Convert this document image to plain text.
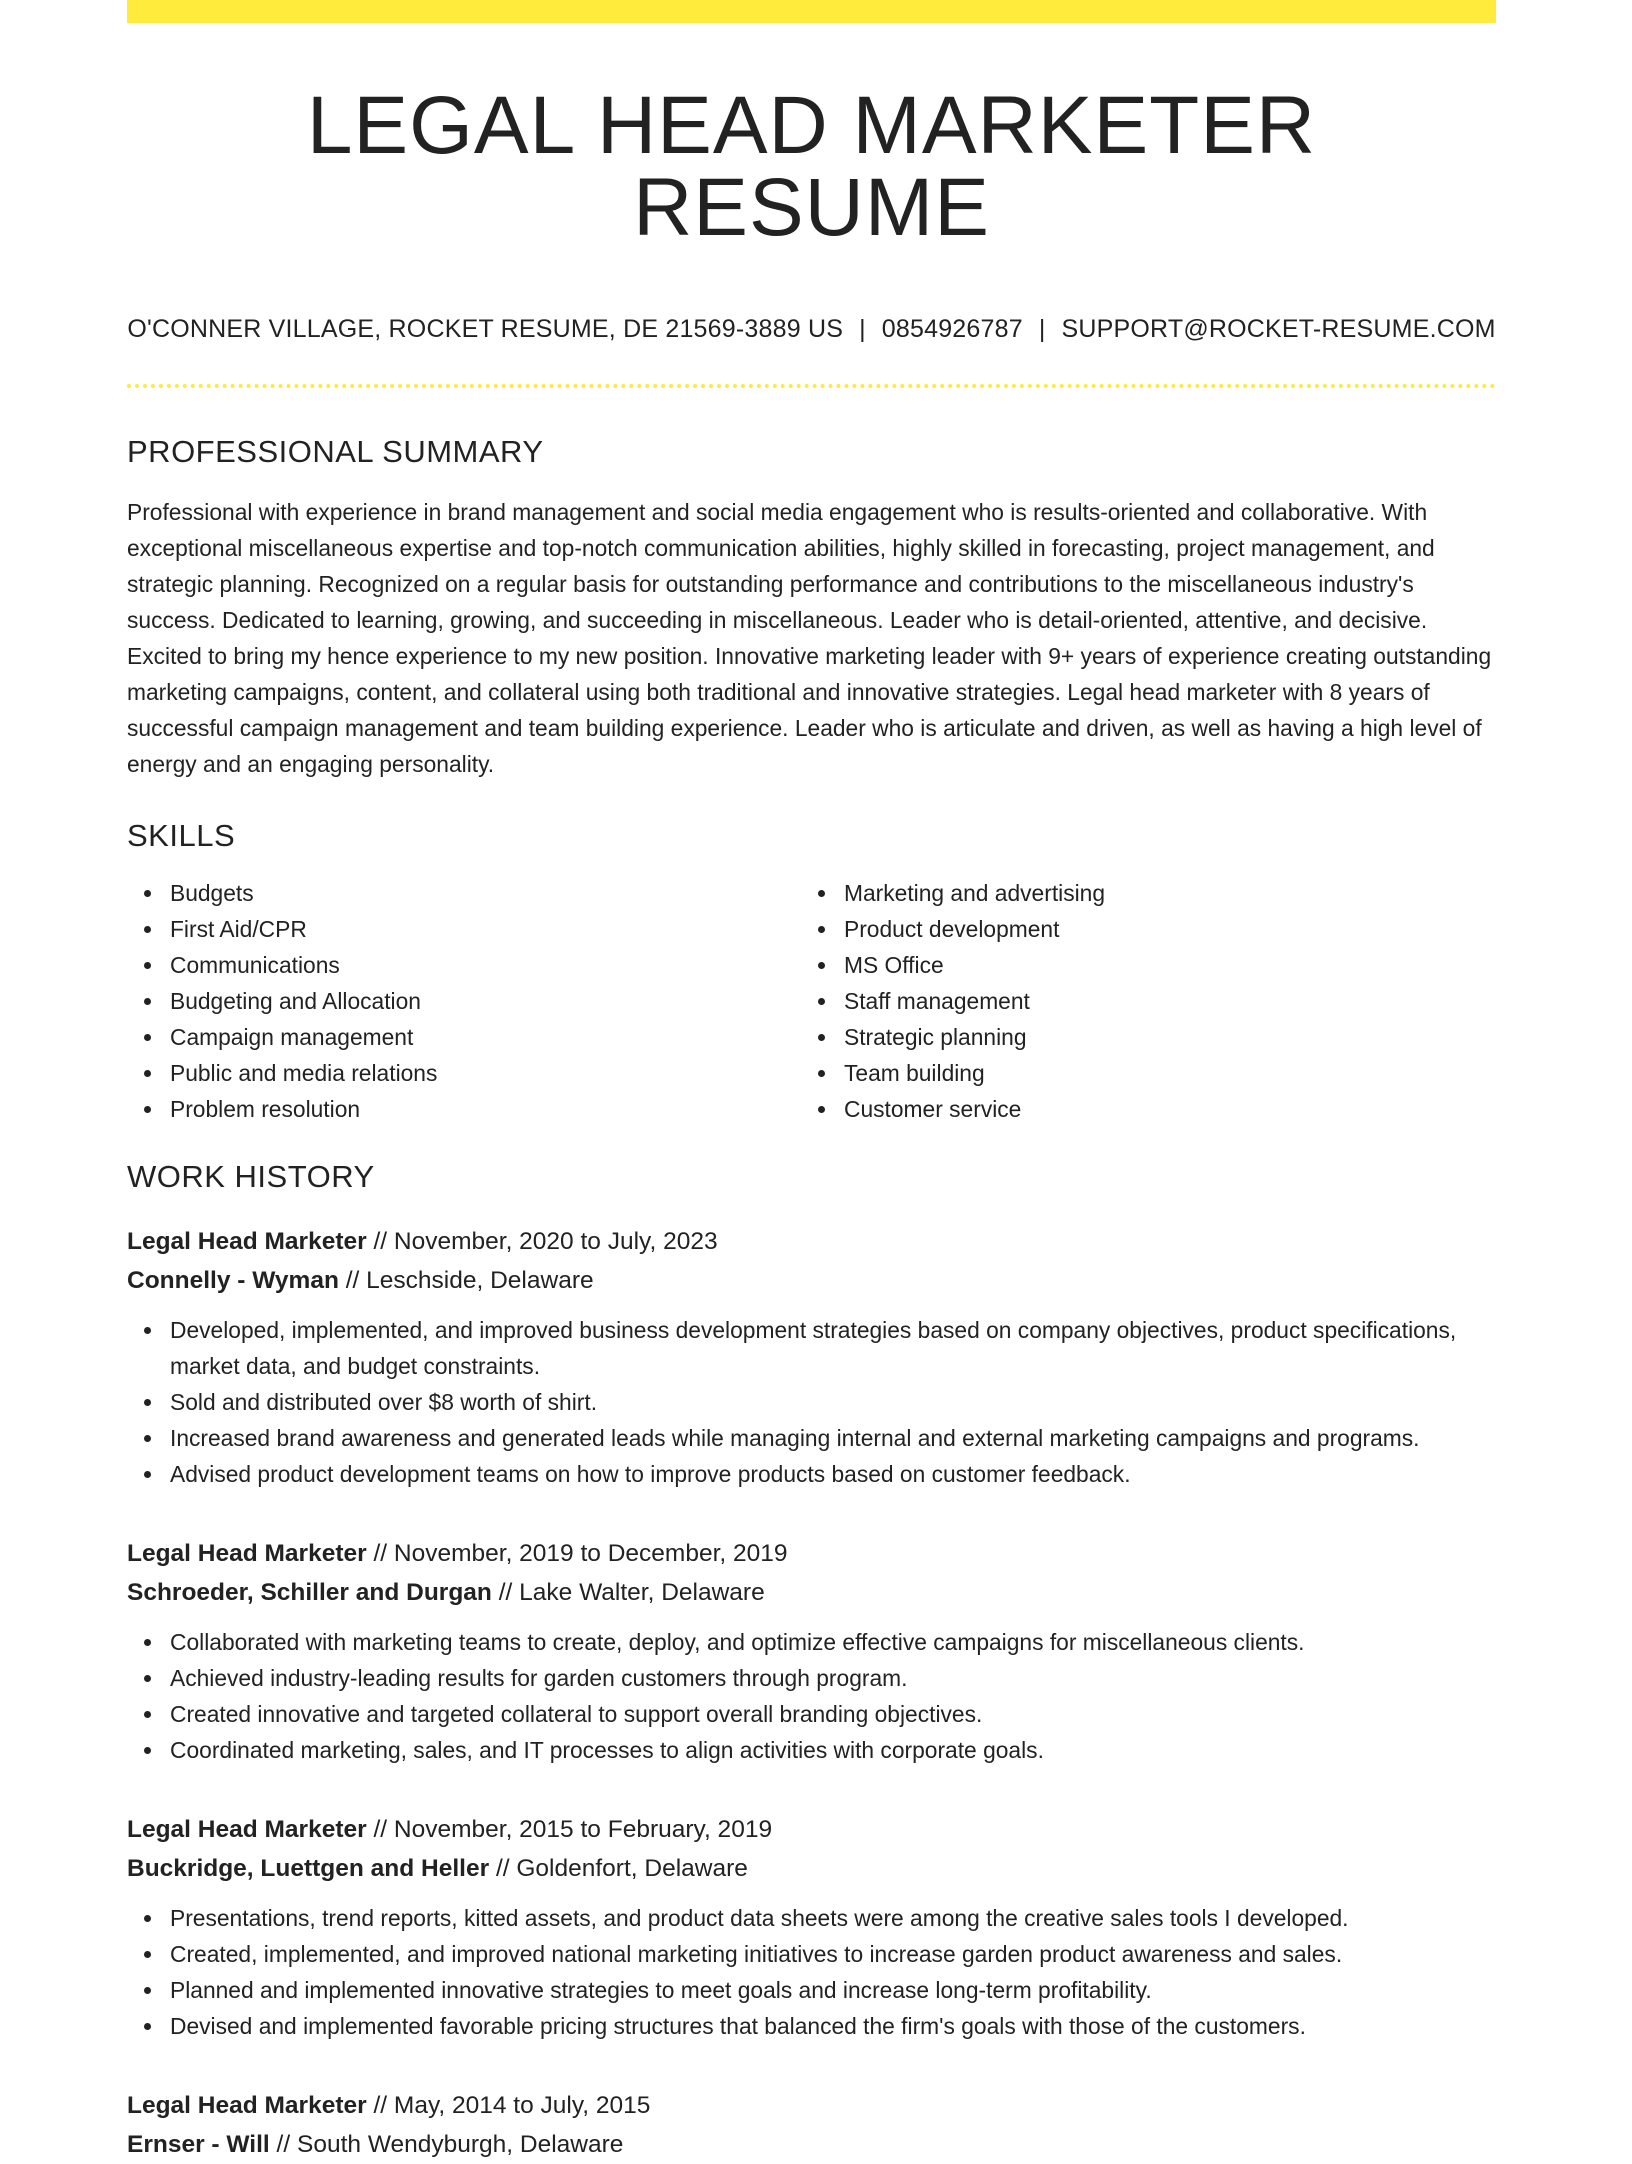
LEGAL HEAD MARKETER RESUME
O'CONNER VILLAGE, ROCKET RESUME, DE 21569-3889 US | 0854926787 | SUPPORT@ROCKET-RESUME.COM
PROFESSIONAL SUMMARY

Professional with experience in brand management and social media engagement who is results-oriented and collaborative. With exceptional miscellaneous expertise and top-notch communication abilities, highly skilled in forecasting, project management, and strategic planning. Recognized on a regular basis for outstanding performance and contributions to the miscellaneous industry's success. Dedicated to learning, growing, and succeeding in miscellaneous. Leader who is detail-oriented, attentive, and decisive. Excited to bring my hence experience to my new position. Innovative marketing leader with 9+ years of experience creating outstanding marketing campaigns, content, and collateral using both traditional and innovative strategies. Legal head marketer with 8 years of successful campaign management and team building experience. Leader who is articulate and driven, as well as having a high level of energy and an engaging personality.

SKILLS
Budgets
First Aid/CPR
Communications
Budgeting and Allocation
Campaign management
Public and media relations
Problem resolution
Marketing and advertising
Product development
MS Office
Staff management
Strategic planning
Team building
Customer service
WORK HISTORY
Legal Head Marketer // November, 2020 to July, 2023
Connelly - Wyman // Leschside, Delaware
Developed, implemented, and improved business development strategies based on company objectives, product specifications, market data, and budget constraints.
Sold and distributed over $8 worth of shirt.
Increased brand awareness and generated leads while managing internal and external marketing campaigns and programs.
Advised product development teams on how to improve products based on customer feedback.
Legal Head Marketer // November, 2019 to December, 2019
Schroeder, Schiller and Durgan // Lake Walter, Delaware
Collaborated with marketing teams to create, deploy, and optimize effective campaigns for miscellaneous clients.
Achieved industry-leading results for garden customers through program.
Created innovative and targeted collateral to support overall branding objectives.
Coordinated marketing, sales, and IT processes to align activities with corporate goals.
Legal Head Marketer // November, 2015 to February, 2019
Buckridge, Luettgen and Heller // Goldenfort, Delaware
Presentations, trend reports, kitted assets, and product data sheets were among the creative sales tools I developed.
Created, implemented, and improved national marketing initiatives to increase garden product awareness and sales.
Planned and implemented innovative strategies to meet goals and increase long-term profitability.
Devised and implemented favorable pricing structures that balanced the firm's goals with those of the customers.
Legal Head Marketer // May, 2014 to July, 2015
Ernser - Will // South Wendyburgh, Delaware
